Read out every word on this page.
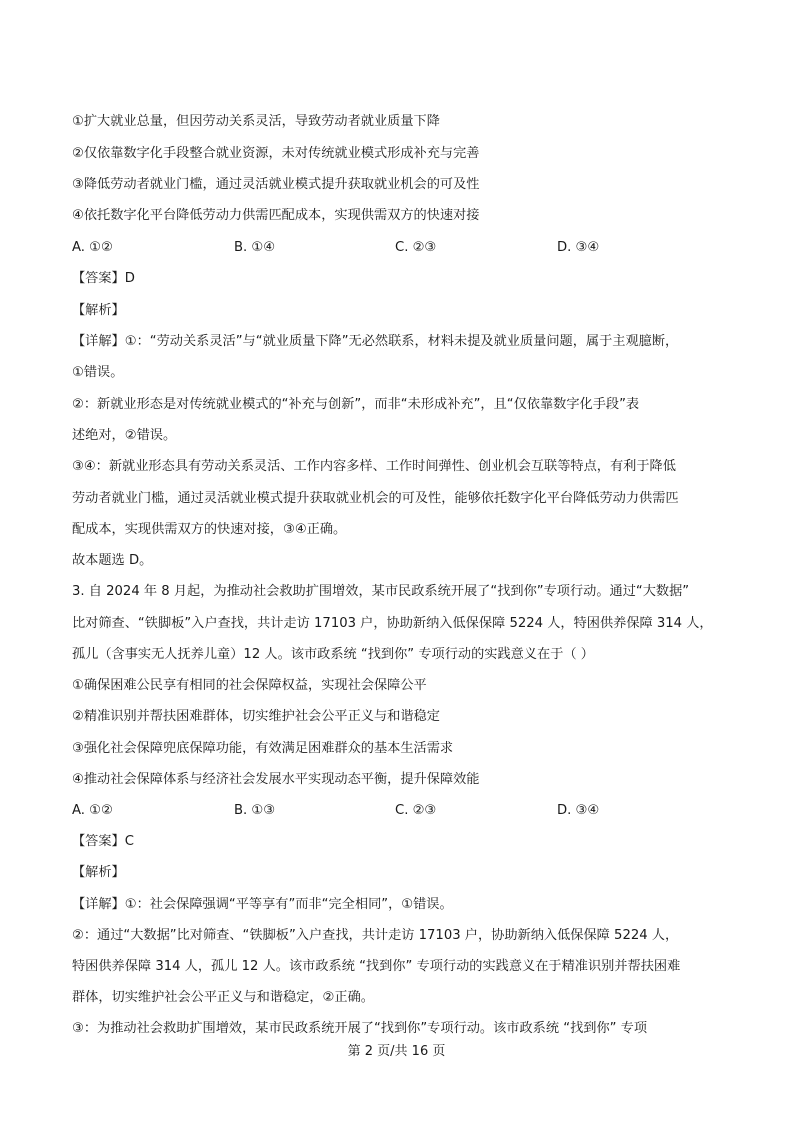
①扩大就业总量，但因劳动关系灵活，导致劳动者就业质量下降
②仅依靠数字化手段整合就业资源，未对传统就业模式形成补充与完善
③降低劳动者就业门槛，通过灵活就业模式提升获取就业机会的可及性
④依托数字化平台降低劳动力供需匹配成本，实现供需双方的快速对接
A. ①②	B. ①④	C. ②③	D. ③④
【答案】D
【解析】
【详解】①：“劳动关系灵活”与“就业质量下降”无必然联系，材料未提及就业质量问题，属于主观臆断，
①错误。
②：新就业形态是对传统就业模式的“补充与创新”，而非“未形成补充”，且“仅依靠数字化手段”表
述绝对，②错误。
③④：新就业形态具有劳动关系灵活、工作内容多样、工作时间弹性、创业机会互联等特点，有利于降低
劳动者就业门槛，通过灵活就业模式提升获取就业机会的可及性，能够依托数字化平台降低劳动力供需匹
配成本，实现供需双方的快速对接，③④正确。
故本题选 D。
3. 自 2024 年 8 月起，为推动社会救助扩围增效，某市民政系统开展了“找到你”专项行动。通过“大数据”
比对筛查、“铁脚板”入户查找，共计走访 17103 户，协助新纳入低保保障 5224 人，特困供养保障 314 人，
孤儿（含事实无人抚养儿童）12 人。该市政系统 “找到你” 专项行动的实践意义在于（ ）
①确保困难公民享有相同的社会保障权益，实现社会保障公平
②精准识别并帮扶困难群体，切实维护社会公平正义与和谐稳定
③强化社会保障兜底保障功能，有效满足困难群众的基本生活需求
④推动社会保障体系与经济社会发展水平实现动态平衡，提升保障效能
A. ①②	B. ①③	C. ②③	D. ③④
【答案】C
【解析】
【详解】①：社会保障强调“平等享有”而非“完全相同”，①错误。
②：通过“大数据”比对筛查、“铁脚板”入户查找，共计走访 17103 户，协助新纳入低保保障 5224 人，
特困供养保障 314 人，孤儿 12 人。该市政系统 “找到你” 专项行动的实践意义在于精准识别并帮扶困难
群体，切实维护社会公平正义与和谐稳定，②正确。
③：为推动社会救助扩围增效，某市民政系统开展了“找到你”专项行动。该市政系统 “找到你” 专项
第 2 页/共 16 页
